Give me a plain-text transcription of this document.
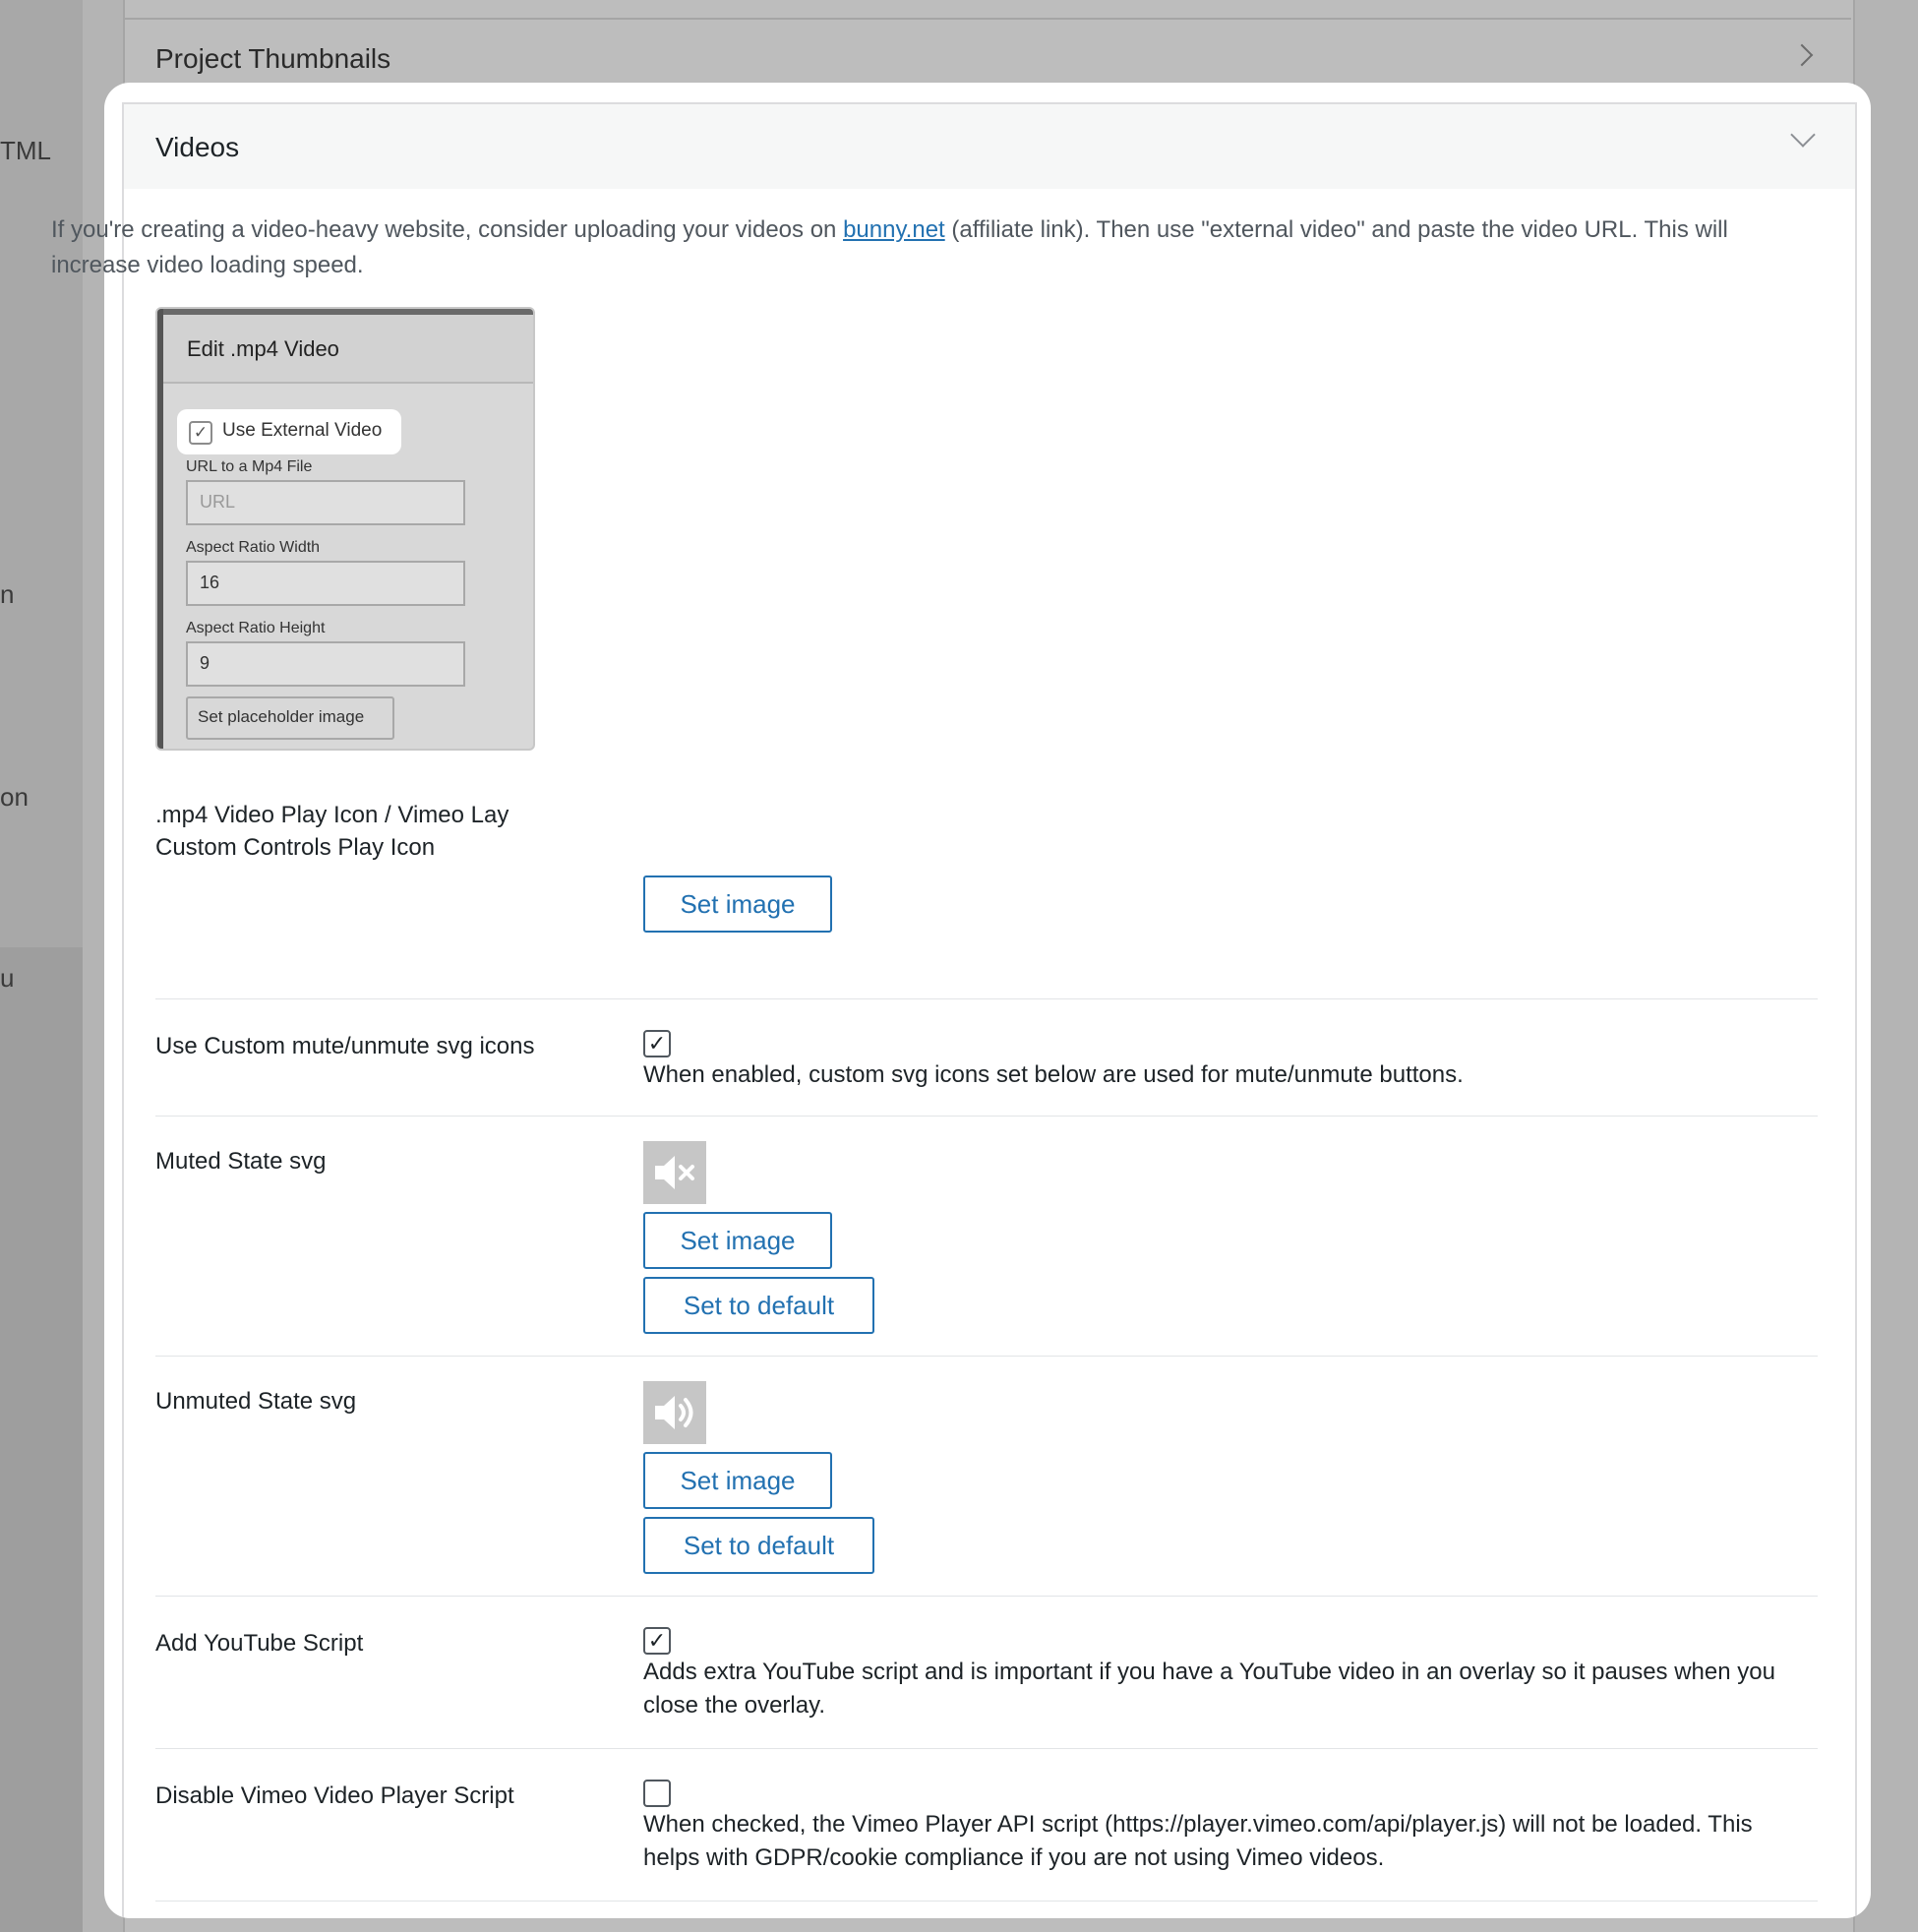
TML
n
on
u
Project Thumbnails
Videos
If you're creating a video-heavy website, consider uploading your videos on bunny.net (affiliate link). Then use "external video" and paste the video URL. This will increase video loading speed.
Edit .mp4 Video
✓ Use External Video
URL to a Mp4 File
URL
Aspect Ratio Width
16
Aspect Ratio Height
9
Set placeholder image
.mp4 Video Play Icon / Vimeo Lay Custom Controls Play Icon
Set image
Use Custom mute/unmute svg icons	✓
When enabled, custom svg icons set below are used for mute/unmute buttons.
Muted State svg
Set image
Set to default
Unmuted State svg
Set image
Set to default
Add YouTube Script	✓
Adds extra YouTube script and is important if you have a YouTube video in an overlay so it pauses when you close the overlay.
Disable Vimeo Video Player Script
When checked, the Vimeo Player API script (https://player.vimeo.com/api/player.js) will not be loaded. This helps with GDPR/cookie compliance if you are not using Vimeo videos.
